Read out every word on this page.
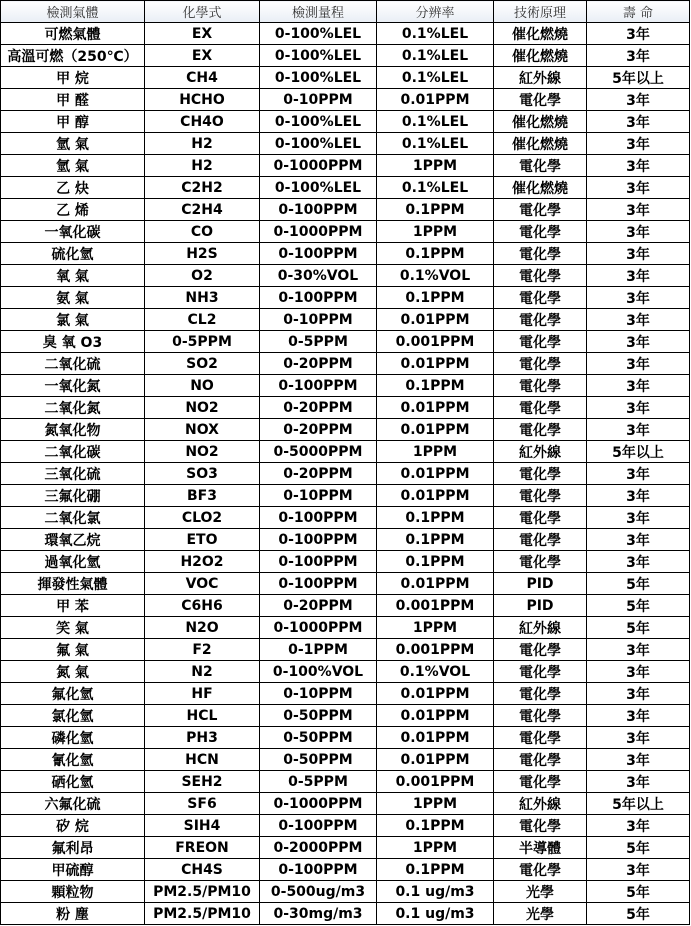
檢測氣體	化學式	檢測量程	分辨率	技術原理	壽 命
可燃氣體	EX	0-100%LEL	0.1%LEL	催化燃燒	3年
高溫可燃（250℃）	EX	0-100%LEL	0.1%LEL	催化燃燒	3年
甲 烷	CH4	0-100%LEL	0.1%LEL	紅外線	5年以上
甲 醛	HCHO	0-10PPM	0.01PPM	電化學	3年
甲 醇	CH4O	0-100%LEL	0.1%LEL	催化燃燒	3年
氫 氣	H2	0-100%LEL	0.1%LEL	催化燃燒	3年
氫 氣	H2	0-1000PPM	1PPM	電化學	3年
乙 炔	C2H2	0-100%LEL	0.1%LEL	催化燃燒	3年
乙 烯	C2H4	0-100PPM	0.1PPM	電化學	3年
一氧化碳	CO	0-1000PPM	1PPM	電化學	3年
硫化氫	H2S	0-100PPM	0.1PPM	電化學	3年
氧 氣	O2	0-30%VOL	0.1%VOL	電化學	3年
氨 氣	NH3	0-100PPM	0.1PPM	電化學	3年
氯 氣	CL2	0-10PPM	0.01PPM	電化學	3年
臭 氧 O3	0-5PPM	0-5PPM	0.001PPM	電化學	3年
二氧化硫	SO2	0-20PPM	0.01PPM	電化學	3年
一氧化氮	NO	0-100PPM	0.1PPM	電化學	3年
二氧化氮	NO2	0-20PPM	0.01PPM	電化學	3年
氮氧化物	NOX	0-20PPM	0.01PPM	電化學	3年
二氧化碳	NO2	0-5000PPM	1PPM	紅外線	5年以上
三氧化硫	SO3	0-20PPM	0.01PPM	電化學	3年
三氟化硼	BF3	0-10PPM	0.01PPM	電化學	3年
二氧化氯	CLO2	0-100PPM	0.1PPM	電化學	3年
環氧乙烷	ETO	0-100PPM	0.1PPM	電化學	3年
過氧化氫	H2O2	0-100PPM	0.1PPM	電化學	3年
揮發性氣體	VOC	0-100PPM	0.01PPM	PID	5年
甲 苯	C6H6	0-20PPM	0.001PPM	PID	5年
笑 氣	N2O	0-1000PPM	1PPM	紅外線	5年
氟 氣	F2	0-1PPM	0.001PPM	電化學	3年
氮 氣	N2	0-100%VOL	0.1%VOL	電化學	3年
氟化氫	HF	0-10PPM	0.01PPM	電化學	3年
氯化氫	HCL	0-50PPM	0.01PPM	電化學	3年
磷化氫	PH3	0-50PPM	0.01PPM	電化學	3年
氰化氫	HCN	0-50PPM	0.01PPM	電化學	3年
硒化氫	SEH2	0-5PPM	0.001PPM	電化學	3年
六氟化硫	SF6	0-1000PPM	1PPM	紅外線	5年以上
矽 烷	SIH4	0-100PPM	0.1PPM	電化學	3年
氟利昂	FREON	0-2000PPM	1PPM	半導體	5年
甲硫醇	CH4S	0-100PPM	0.1PPM	電化學	3年
顆粒物	PM2.5/PM10	0-500ug/m3	0.1 ug/m3	光學	5年
粉 塵	PM2.5/PM10	0-30mg/m3	0.1 ug/m3	光學	5年
